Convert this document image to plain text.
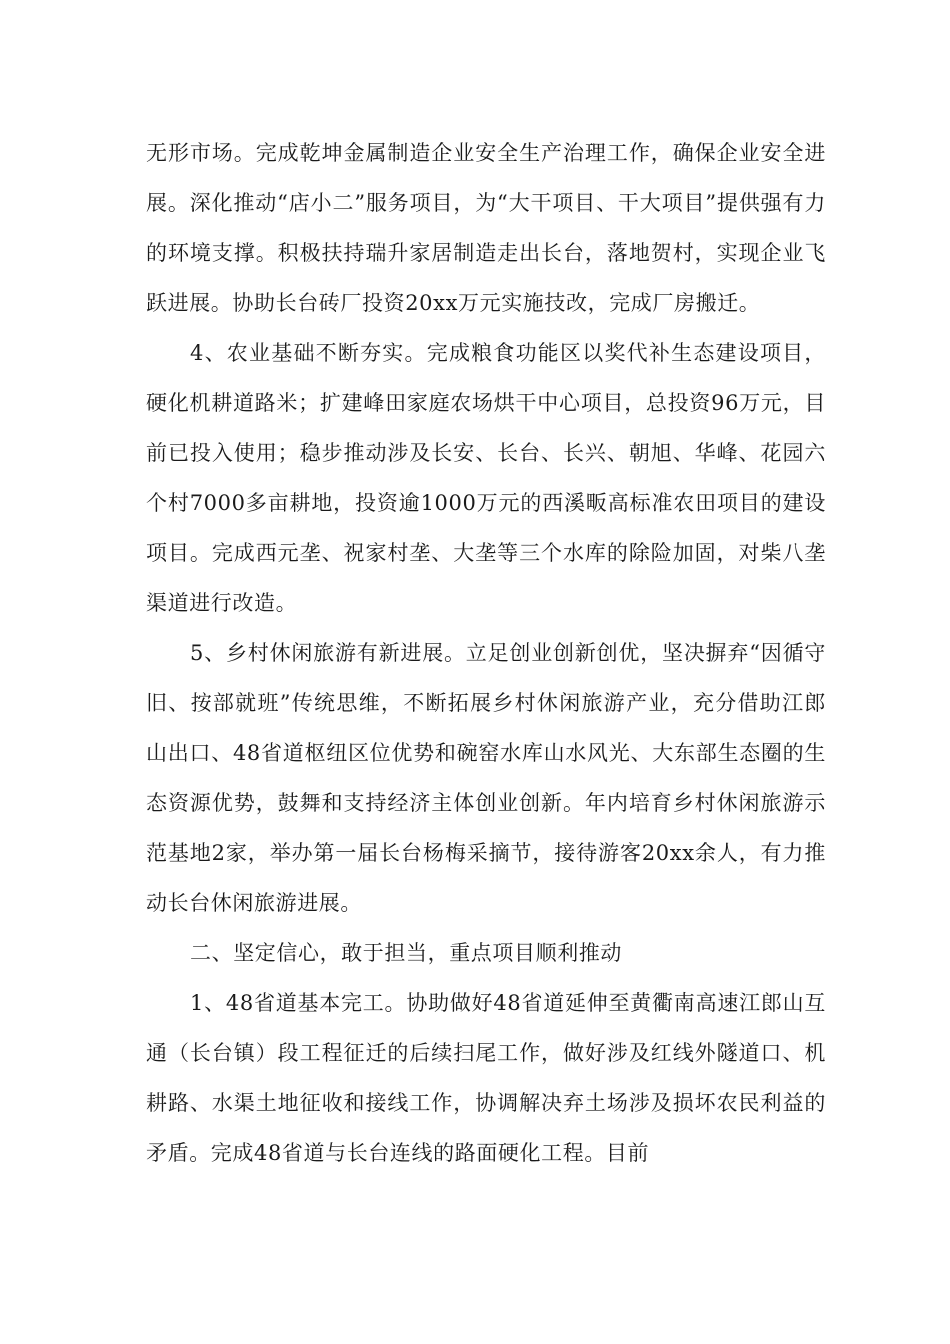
无形市场。完成乾坤金属制造企业安全生产治理工作，确保企业安全进展。深化推动“店小二”服务项目，为“大干项目、干大项目”提供强有力的环境支撑。积极扶持瑞升家居制造走出长台，落地贺村，实现企业飞跃进展。协助长台砖厂投资20xx万元实施技改，完成厂房搬迁。

4、农业基础不断夯实。完成粮食功能区以奖代补生态建设项目，硬化机耕道路米；扩建峰田家庭农场烘干中心项目，总投资96万元，目前已投入使用；稳步推动涉及长安、长台、长兴、朝旭、华峰、花园六个村7000多亩耕地，投资逾1000万元的西溪畈高标准农田项目的建设项目。完成西元垄、祝家村垄、大垄等三个水库的除险加固，对柴八垄渠道进行改造。

5、乡村休闲旅游有新进展。立足创业创新创优，坚决摒弃“因循守旧、按部就班”传统思维，不断拓展乡村休闲旅游产业，充分借助江郎山出口、48省道枢纽区位优势和碗窑水库山水风光、大东部生态圈的生态资源优势，鼓舞和支持经济主体创业创新。年内培育乡村休闲旅游示范基地2家，举办第一届长台杨梅采摘节，接待游客20xx余人，有力推动长台休闲旅游进展。

二、坚定信心，敢于担当，重点项目顺利推动

1、48省道基本完工。协助做好48省道延伸至黄衢南高速江郎山互通（长台镇）段工程征迁的后续扫尾工作，做好涉及红线外隧道口、机耕路、水渠土地征收和接线工作，协调解决弃土场涉及损坏农民利益的矛盾。完成48省道与长台连线的路面硬化工程。目前
